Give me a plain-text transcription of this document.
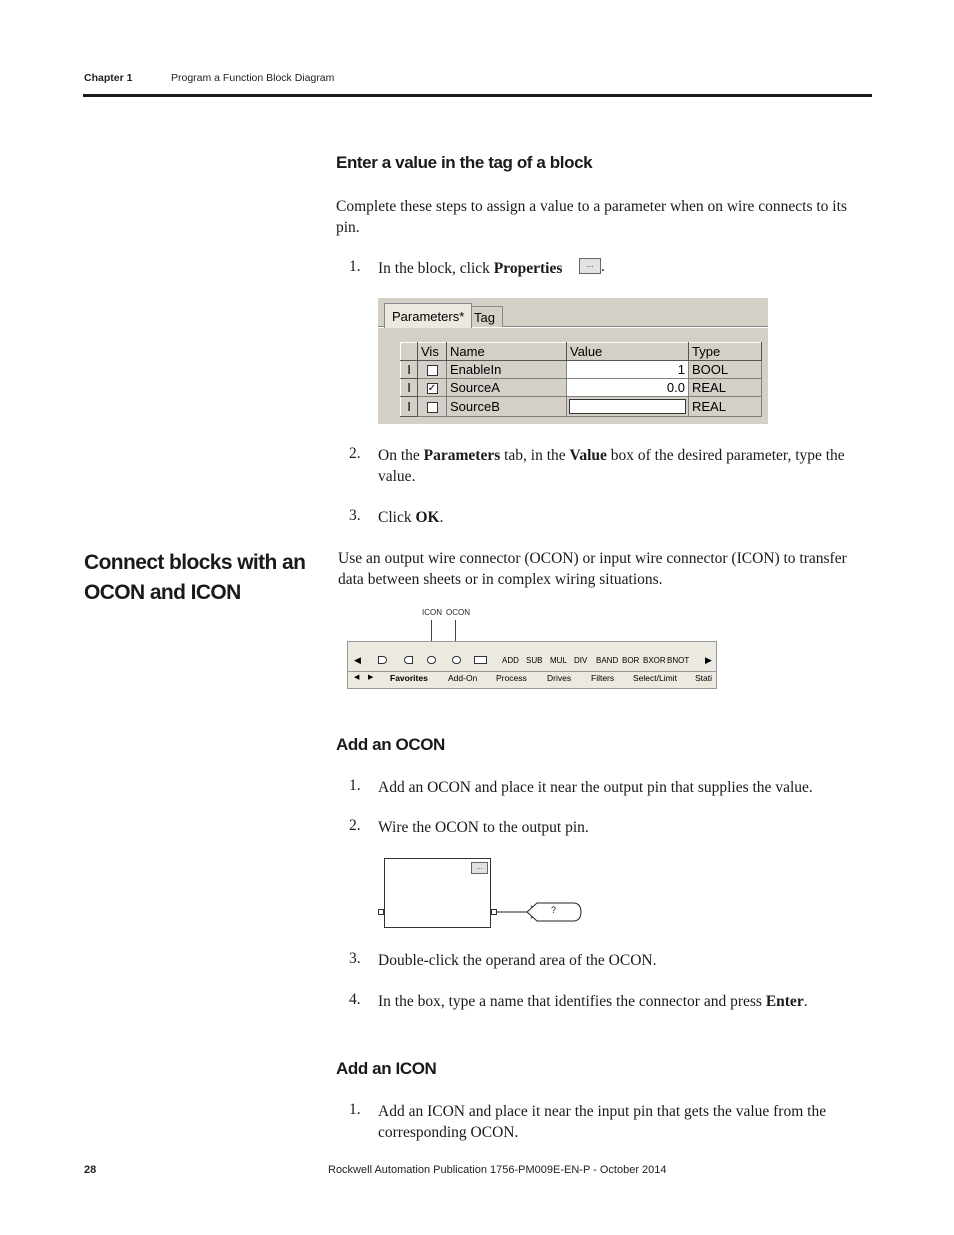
Chapter 1	Program a Function Block Diagram
Enter a value in the tag of a block
Complete these steps to assign a value to a parameter when on wire connects to its pin.
1. In the block, click Properties	... .
Parameters* Tag
	Vis	Name	Value	Type
I		EnableIn	1	BOOL
I	✓	SourceA	0.0	REAL
I		SourceB		REAL
2. On the Parameters tab, in the Value box of the desired parameter, type the value.
3. Click OK.
Connect blocks with an
OCON and ICON
Use an output wire connector (OCON) or input wire connector (ICON) to transfer data between sheets or in complex wiring situations.
ICON OCON
◀	ADD SUB MUL DIV BAND BOR BXOR BNOT ▶
◀ ▶ Favorites Add-On Process Drives Filters Select/Limit Stati
Add an OCON
1. Add an OCON and place it near the output pin that supplies the value.
2. Wire the OCON to the output pin.
...
?
3. Double-click the operand area of the OCON.
4. In the box, type a name that identifies the connector and press Enter.
Add an ICON
1. Add an ICON and place it near the input pin that gets the value from the corresponding OCON.
28	Rockwell Automation Publication 1756-PM009E-EN-P - October 2014
